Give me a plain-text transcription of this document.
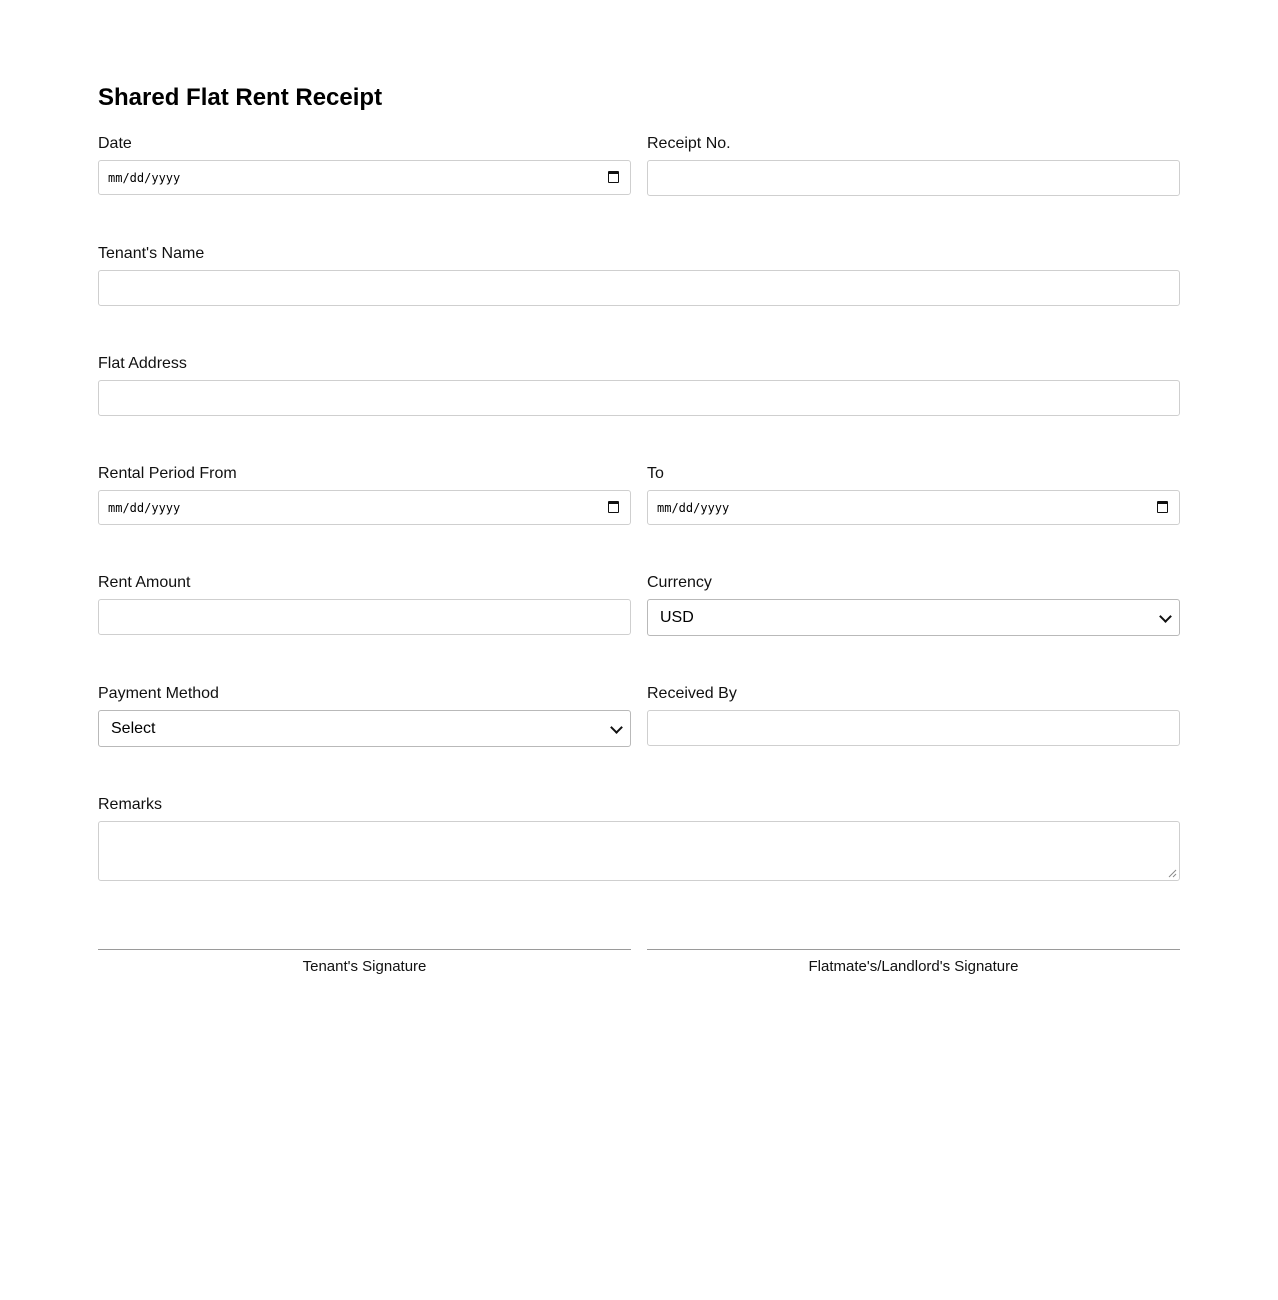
Shared Flat Rent Receipt
Date
mm/dd/yyyy
Receipt No.
Tenant's Name
Flat Address
Rental Period From
mm/dd/yyyy
To
mm/dd/yyyy
Rent Amount	Currency
USD
Payment Method
Select
Received By
Remarks
Tenant's Signature	Flatmate's/Landlord's Signature
